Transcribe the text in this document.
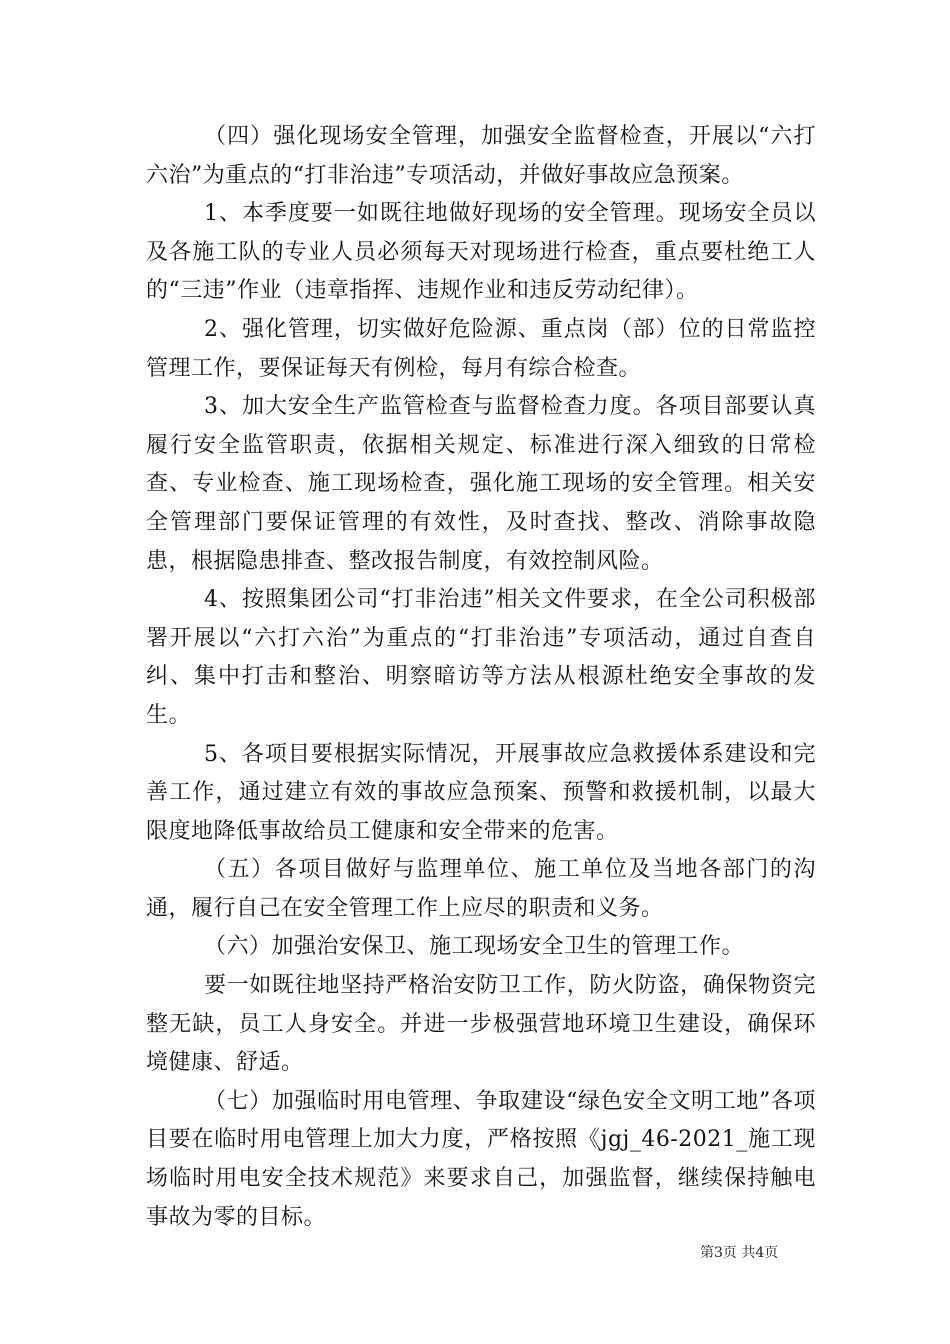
（四）强化现场安全管理，加强安全监督检查，开展以“六打六治”为重点的“打非治违”专项活动，并做好事故应急预案。

1、本季度要一如既往地做好现场的安全管理。现场安全员以及各施工队的专业人员必须每天对现场进行检查，重点要杜绝工人的“三违”作业（违章指挥、违规作业和违反劳动纪律）。

2、强化管理，切实做好危险源、重点岗（部）位的日常监控管理工作，要保证每天有例检，每月有综合检查。

3、加大安全生产监管检查与监督检查力度。各项目部要认真履行安全监管职责，依据相关规定、标准进行深入细致的日常检查、专业检查、施工现场检查，强化施工现场的安全管理。相关安全管理部门要保证管理的有效性，及时查找、整改、消除事故隐患，根据隐患排查、整改报告制度，有效控制风险。

4、按照集团公司“打非治违”相关文件要求，在全公司积极部署开展以“六打六治”为重点的“打非治违”专项活动，通过自查自纠、集中打击和整治、明察暗访等方法从根源杜绝安全事故的发生。

5、各项目要根据实际情况，开展事故应急救援体系建设和完善工作，通过建立有效的事故应急预案、预警和救援机制，以最大限度地降低事故给员工健康和安全带来的危害。

（五）各项目做好与监理单位、施工单位及当地各部门的沟通，履行自己在安全管理工作上应尽的职责和义务。

（六）加强治安保卫、施工现场安全卫生的管理工作。

要一如既往地坚持严格治安防卫工作，防火防盗，确保物资完整无缺，员工人身安全。并进一步极强营地环境卫生建设，确保环境健康、舒适。

（七）加强临时用电管理、争取建设“绿色安全文明工地”各项目要在临时用电管理上加大力度，严格按照《jgj_46-2021_施工现场临时用电安全技术规范》来要求自己，加强监督，继续保持触电事故为零的目标。

第3页 共4页
